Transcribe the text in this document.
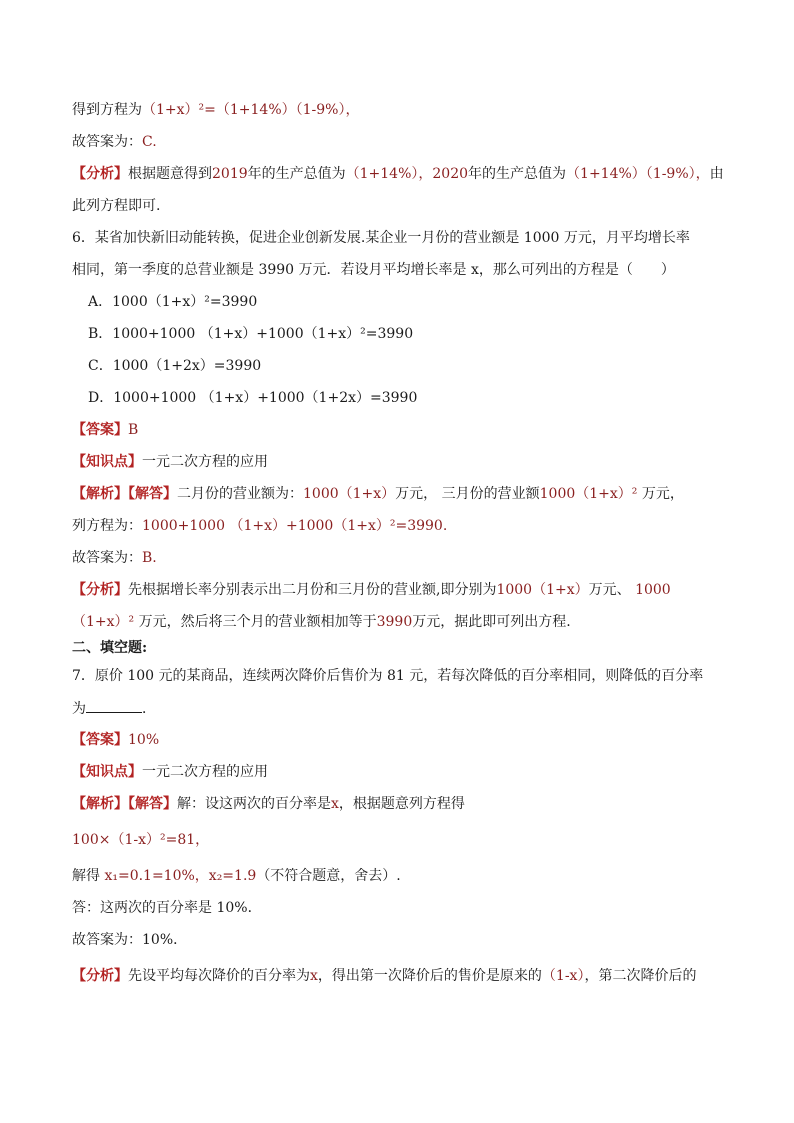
得到方程为（1+x）²=（1+14%）（1-9%），
故答案为：C.
【分析】根据题意得到2019年的生产总值为（1+14%），2020年的生产总值为（1+14%）（1-9%），由
此列方程即可.
6．某省加快新旧动能转换，促进企业创新发展.某企业一月份的营业额是 1000 万元，月平均增长率
相同，第一季度的总营业额是 3990 万元．若设月平均增长率是 x，那么可列出的方程是（　　）
A．1000（1+x）²=3990
B．1000+1000 （1+x）+1000（1+x）²=3990
C．1000（1+2x）=3990
D．1000+1000 （1+x）+1000（1+2x）=3990
【答案】B
【知识点】一元二次方程的应用
【解析】【解答】二月份的营业额为：1000（1+x）万元， 三月份的营业额1000（1+x）² 万元，
列方程为：1000+1000 （1+x）+1000（1+x）²=3990.
故答案为：B.
【分析】先根据增长率分别表示出二月份和三月份的营业额,即分别为1000（1+x）万元、 1000
（1+x）² 万元，然后将三个月的营业额相加等于3990万元，据此即可列出方程.
二、填空题:
7．原价 100 元的某商品，连续两次降价后售价为 81 元，若每次降低的百分率相同，则降低的百分率
为	．
【答案】10%
【知识点】一元二次方程的应用
【解析】【解答】解：设这两次的百分率是x，根据题意列方程得
100×（1-x）²=81，
解得 x₁=0.1=10%，x₂=1.9（不符合题意，舍去）.
答：这两次的百分率是 10%．
故答案为：10%．
【分析】先设平均每次降价的百分率为x，得出第一次降价后的售价是原来的（1-x），第二次降价后的
